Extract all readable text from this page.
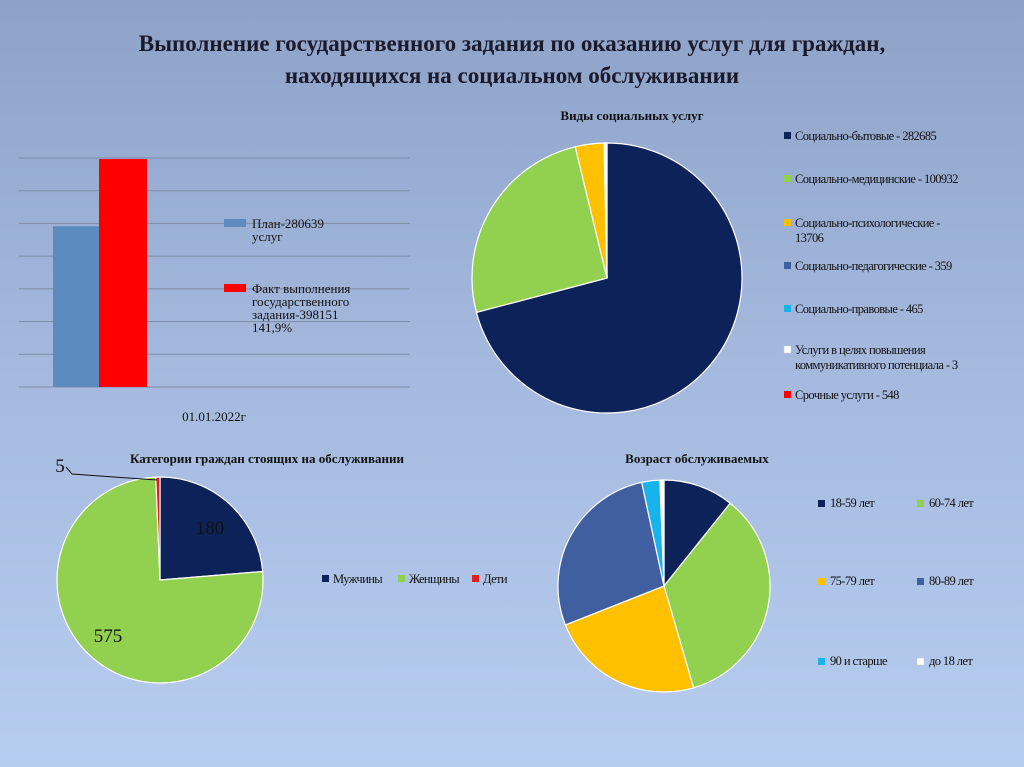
Выполнение государственного задания по оказанию услуг для граждан,
находящихся на социальном обслуживании
01.01.2022г
План-280639
услуг
Факт выполнения
государственного
задания-398151
141,9%
Виды социальных услуг
Социально-бытовые - 282685
Социально-медицинские - 100932
Социально-психологические -
13706
Социально-педагогические - 359
Социально-правовые - 465
Услуги в целях повышения
коммуникативного потенциала - 3
Срочные услуги - 548
Категории граждан стоящих на обслуживании
180
575
5
Мужчины Женщины Дети
Возраст обслуживаемых
18-59 лет	60-74 лет
75-79 лет	80-89 лет
90 и старше	до 18 лет
